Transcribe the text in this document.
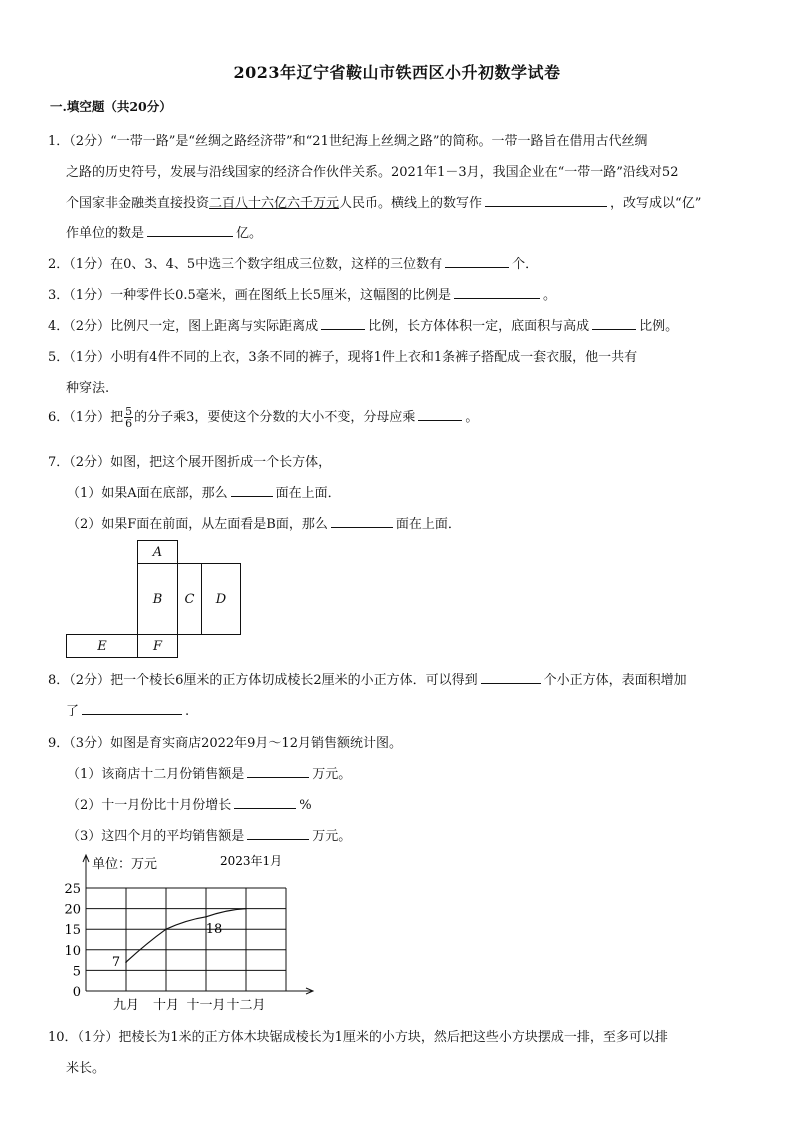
2023年辽宁省鞍山市铁西区小升初数学试卷
一.填空题（共20分）
1．（2分）“一带一路”是“丝绸之路经济带”和“21世纪海上丝绸之路”的简称。一带一路旨在借用古代丝绸
之路的历史符号，发展与沿线国家的经济合作伙伴关系。2021年1－3月，我国企业在“一带一路”沿线对52
个国家非金融类直接投资二百八十六亿六千万元人民币。横线上的数写作	，改写成以“亿”
作单位的数是	亿。
2．（1分）在0、3、4、5中选三个数字组成三位数，这样的三位数有	个．
3．（1分）一种零件长0.5毫米，画在图纸上长5厘米，这幅图的比例是	。
4．（2分）比例尺一定，图上距离与实际距离成	比例，长方体体积一定，底面积与高成	比例。
5．（1分）小明有4件不同的上衣，3条不同的裤子，现将1件上衣和1条裤子搭配成一套衣服，他一共有
种穿法.
6．（1分）把 $\frac{5}{6}$ 的分子乘3，要使这个分数的大小不变，分母应乘	。
7．（2分）如图，把这个展开图折成一个长方体，
（1）如果A面在底部，那么	面在上面．
（2）如果F面在前面，从左面看是B面，那么	面在上面．
A
B	C	D
E	F
8．（2分）把一个棱长6厘米的正方体切成棱长2厘米的小正方体．可以得到	个小正方体，表面积增加
了	.
9．（3分）如图是育实商店2022年9月～12月销售额统计图。
（1）该商店十二月份销售额是	万元。
（2）十一月份比十月份增长	%
（3）这四个月的平均销售额是	万元。
0
5
10
15
20
25
九月 十月 十一月 十二月
7
18
单位：万元	2023年1月
10．（1分）把棱长为1米的正方体木块锯成棱长为1厘米的小方块，然后把这些小方块摆成一排，至多可以排
米长。
